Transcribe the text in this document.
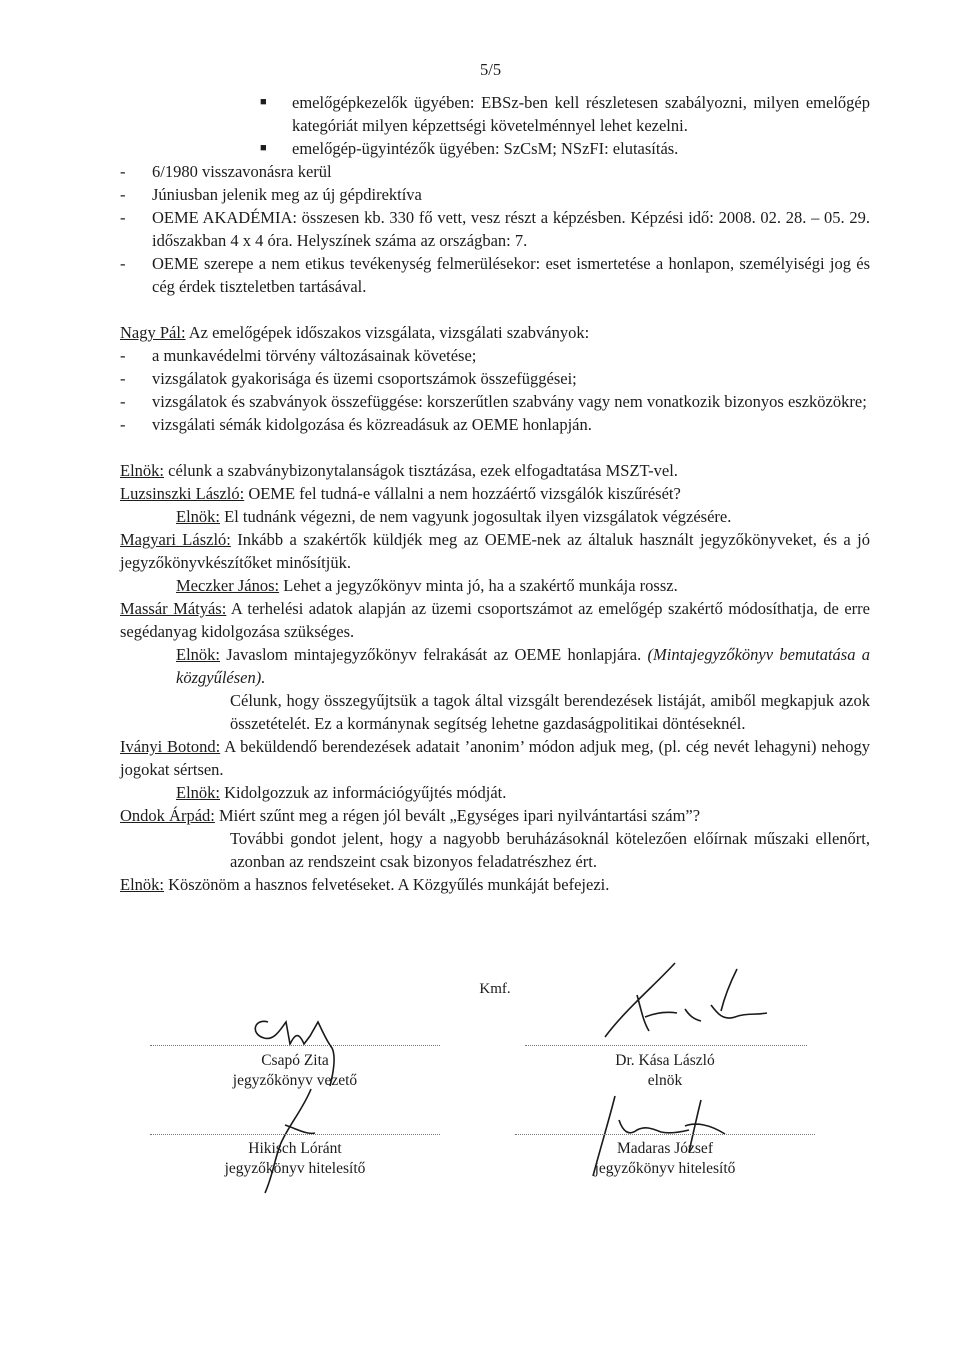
5/5
■ emelőgépkezelők ügyében: EBSz-ben kell részletesen szabályozni, milyen emelőgép kategóriát milyen képzettségi követelménnyel lehet kezelni.
■ emelőgép-ügyintézők ügyében: SzCsM; NSzFI: elutasítás.
- 6/1980 visszavonásra kerül
- Júniusban jelenik meg az új gépdirektíva
- OEME AKADÉMIA: összesen kb. 330 fő vett, vesz részt a képzésben. Képzési idő: 2008. 02. 28. – 05. 29. időszakban 4 x 4 óra. Helyszínek száma az országban: 7.
- OEME szerepe a nem etikus tevékenység felmerülésekor: eset ismertetése a honlapon, személyiségi jog és cég érdek tiszteletben tartásával.
Nagy Pál: Az emelőgépek időszakos vizsgálata, vizsgálati szabványok:
- a munkavédelmi törvény változásainak követése;
- vizsgálatok gyakorisága és üzemi csoportszámok összefüggései;
- vizsgálatok és szabványok összefüggése: korszerűtlen szabvány vagy nem vonatkozik bizonyos eszközökre;
- vizsgálati sémák kidolgozása és közreadásuk az OEME honlapján.
Elnök: célunk a szabványbizonytalanságok tisztázása, ezek elfogadtatása MSZT-vel.
Luzsinszki László: OEME fel tudná-e vállalni a nem hozzáértő vizsgálók kiszűrését?
Elnök: El tudnánk végezni, de nem vagyunk jogosultak ilyen vizsgálatok végzésére.
Magyari László: Inkább a szakértők küldjék meg az OEME-nek az általuk használt jegyzőkönyveket, és a jó jegyzőkönyvkészítőket minősítjük.
Meczker János: Lehet a jegyzőkönyv minta jó, ha a szakértő munkája rossz.
Massár Mátyás: A terhelési adatok alapján az üzemi csoportszámot az emelőgép szakértő módosíthatja, de erre segédanyag kidolgozása szükséges.
Elnök: Javaslom mintajegyzőkönyv felrakását az OEME honlapjára. (Mintajegyzőkönyv bemutatása a közgyűlésen).
Célunk, hogy összegyűjtsük a tagok által vizsgált berendezések listáját, amiből megkapjuk azok összetételét. Ez a kormánynak segítség lehetne gazdaságpolitikai döntéseknél.
Iványi Botond: A beküldendő berendezések adatait ’anonim’ módon adjuk meg, (pl. cég nevét lehagyni) nehogy jogokat sértsen.
Elnök: Kidolgozzuk az információgyűjtés módját.
Ondok Árpád: Miért szűnt meg a régen jól bevált „Egységes ipari nyilvántartási szám”?
További gondot jelent, hogy a nagyobb beruházásoknál kötelezően előírnak műszaki ellenőrt, azonban az rendszeint csak bizonyos feladatrészhez ért.
Elnök: Köszönöm a hasznos felvetéseket. A Közgyűlés munkáját befejezi.
Kmf.
Csapó Zita
jegyzőkönyv vezető
Dr. Kása László
elnök
Hikisch Lóránt
jegyzőkönyv hitelesítő
Madaras József
jegyzőkönyv hitelesítő
